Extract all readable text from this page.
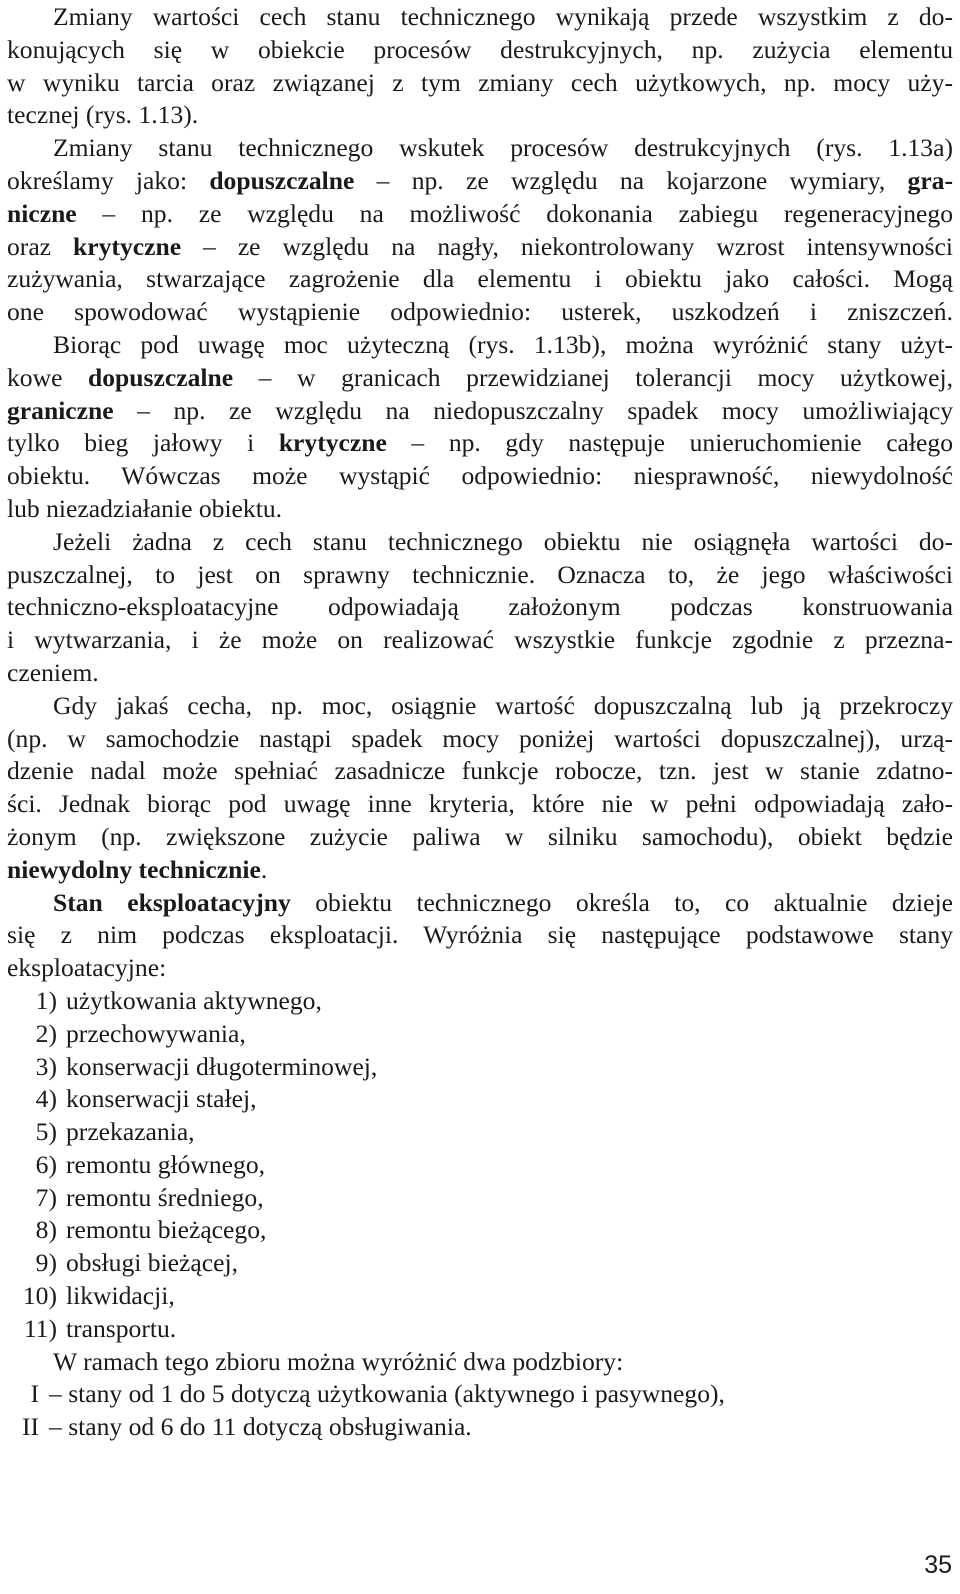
Zmiany wartości cech stanu technicznego wynikają przede wszystkim z do-
konujących się w obiekcie procesów destrukcyjnych, np. zużycia elementu
w wyniku tarcia oraz związanej z tym zmiany cech użytkowych, np. mocy uży-
tecznej (rys. 1.13).
Zmiany stanu technicznego wskutek procesów destrukcyjnych (rys. 1.13a)
określamy jako: dopuszczalne – np. ze względu na kojarzone wymiary, gra-
niczne – np. ze względu na możliwość dokonania zabiegu regeneracyjnego
oraz krytyczne – ze względu na nagły, niekontrolowany wzrost intensywności
zużywania, stwarzające zagrożenie dla elementu i obiektu jako całości. Mogą
one spowodować wystąpienie odpowiednio: usterek, uszkodzeń i zniszczeń.
Biorąc pod uwagę moc użyteczną (rys. 1.13b), można wyróżnić stany użyt-
kowe dopuszczalne – w granicach przewidzianej tolerancji mocy użytkowej,
graniczne – np. ze względu na niedopuszczalny spadek mocy umożliwiający
tylko bieg jałowy i krytyczne – np. gdy następuje unieruchomienie całego
obiektu. Wówczas może wystąpić odpowiednio: niesprawność, niewydolność
lub niezadziałanie obiektu.
Jeżeli żadna z cech stanu technicznego obiektu nie osiągnęła wartości do-
puszczalnej, to jest on sprawny technicznie. Oznacza to, że jego właściwości
techniczno-eksploatacyjne odpowiadają założonym podczas konstruowania
i wytwarzania, i że może on realizować wszystkie funkcje zgodnie z przezna-
czeniem.
Gdy jakaś cecha, np. moc, osiągnie wartość dopuszczalną lub ją przekroczy
(np. w samochodzie nastąpi spadek mocy poniżej wartości dopuszczalnej), urzą-
dzenie nadal może spełniać zasadnicze funkcje robocze, tzn. jest w stanie zdatno-
ści. Jednak biorąc pod uwagę inne kryteria, które nie w pełni odpowiadają zało-
żonym (np. zwiększone zużycie paliwa w silniku samochodu), obiekt będzie
niewydolny technicznie.
Stan eksploatacyjny obiektu technicznego określa to, co aktualnie dzieje
się z nim podczas eksploatacji. Wyróżnia się następujące podstawowe stany
eksploatacyjne:
1) użytkowania aktywnego,
2) przechowywania,
3) konserwacji długoterminowej,
4) konserwacji stałej,
5) przekazania,
6) remontu głównego,
7) remontu średniego,
8) remontu bieżącego,
9) obsługi bieżącej,
10) likwidacji,
11) transportu.
W ramach tego zbioru można wyróżnić dwa podzbiory:
I – stany od 1 do 5 dotyczą użytkowania (aktywnego i pasywnego),
II – stany od 6 do 11 dotyczą obsługiwania.
35
